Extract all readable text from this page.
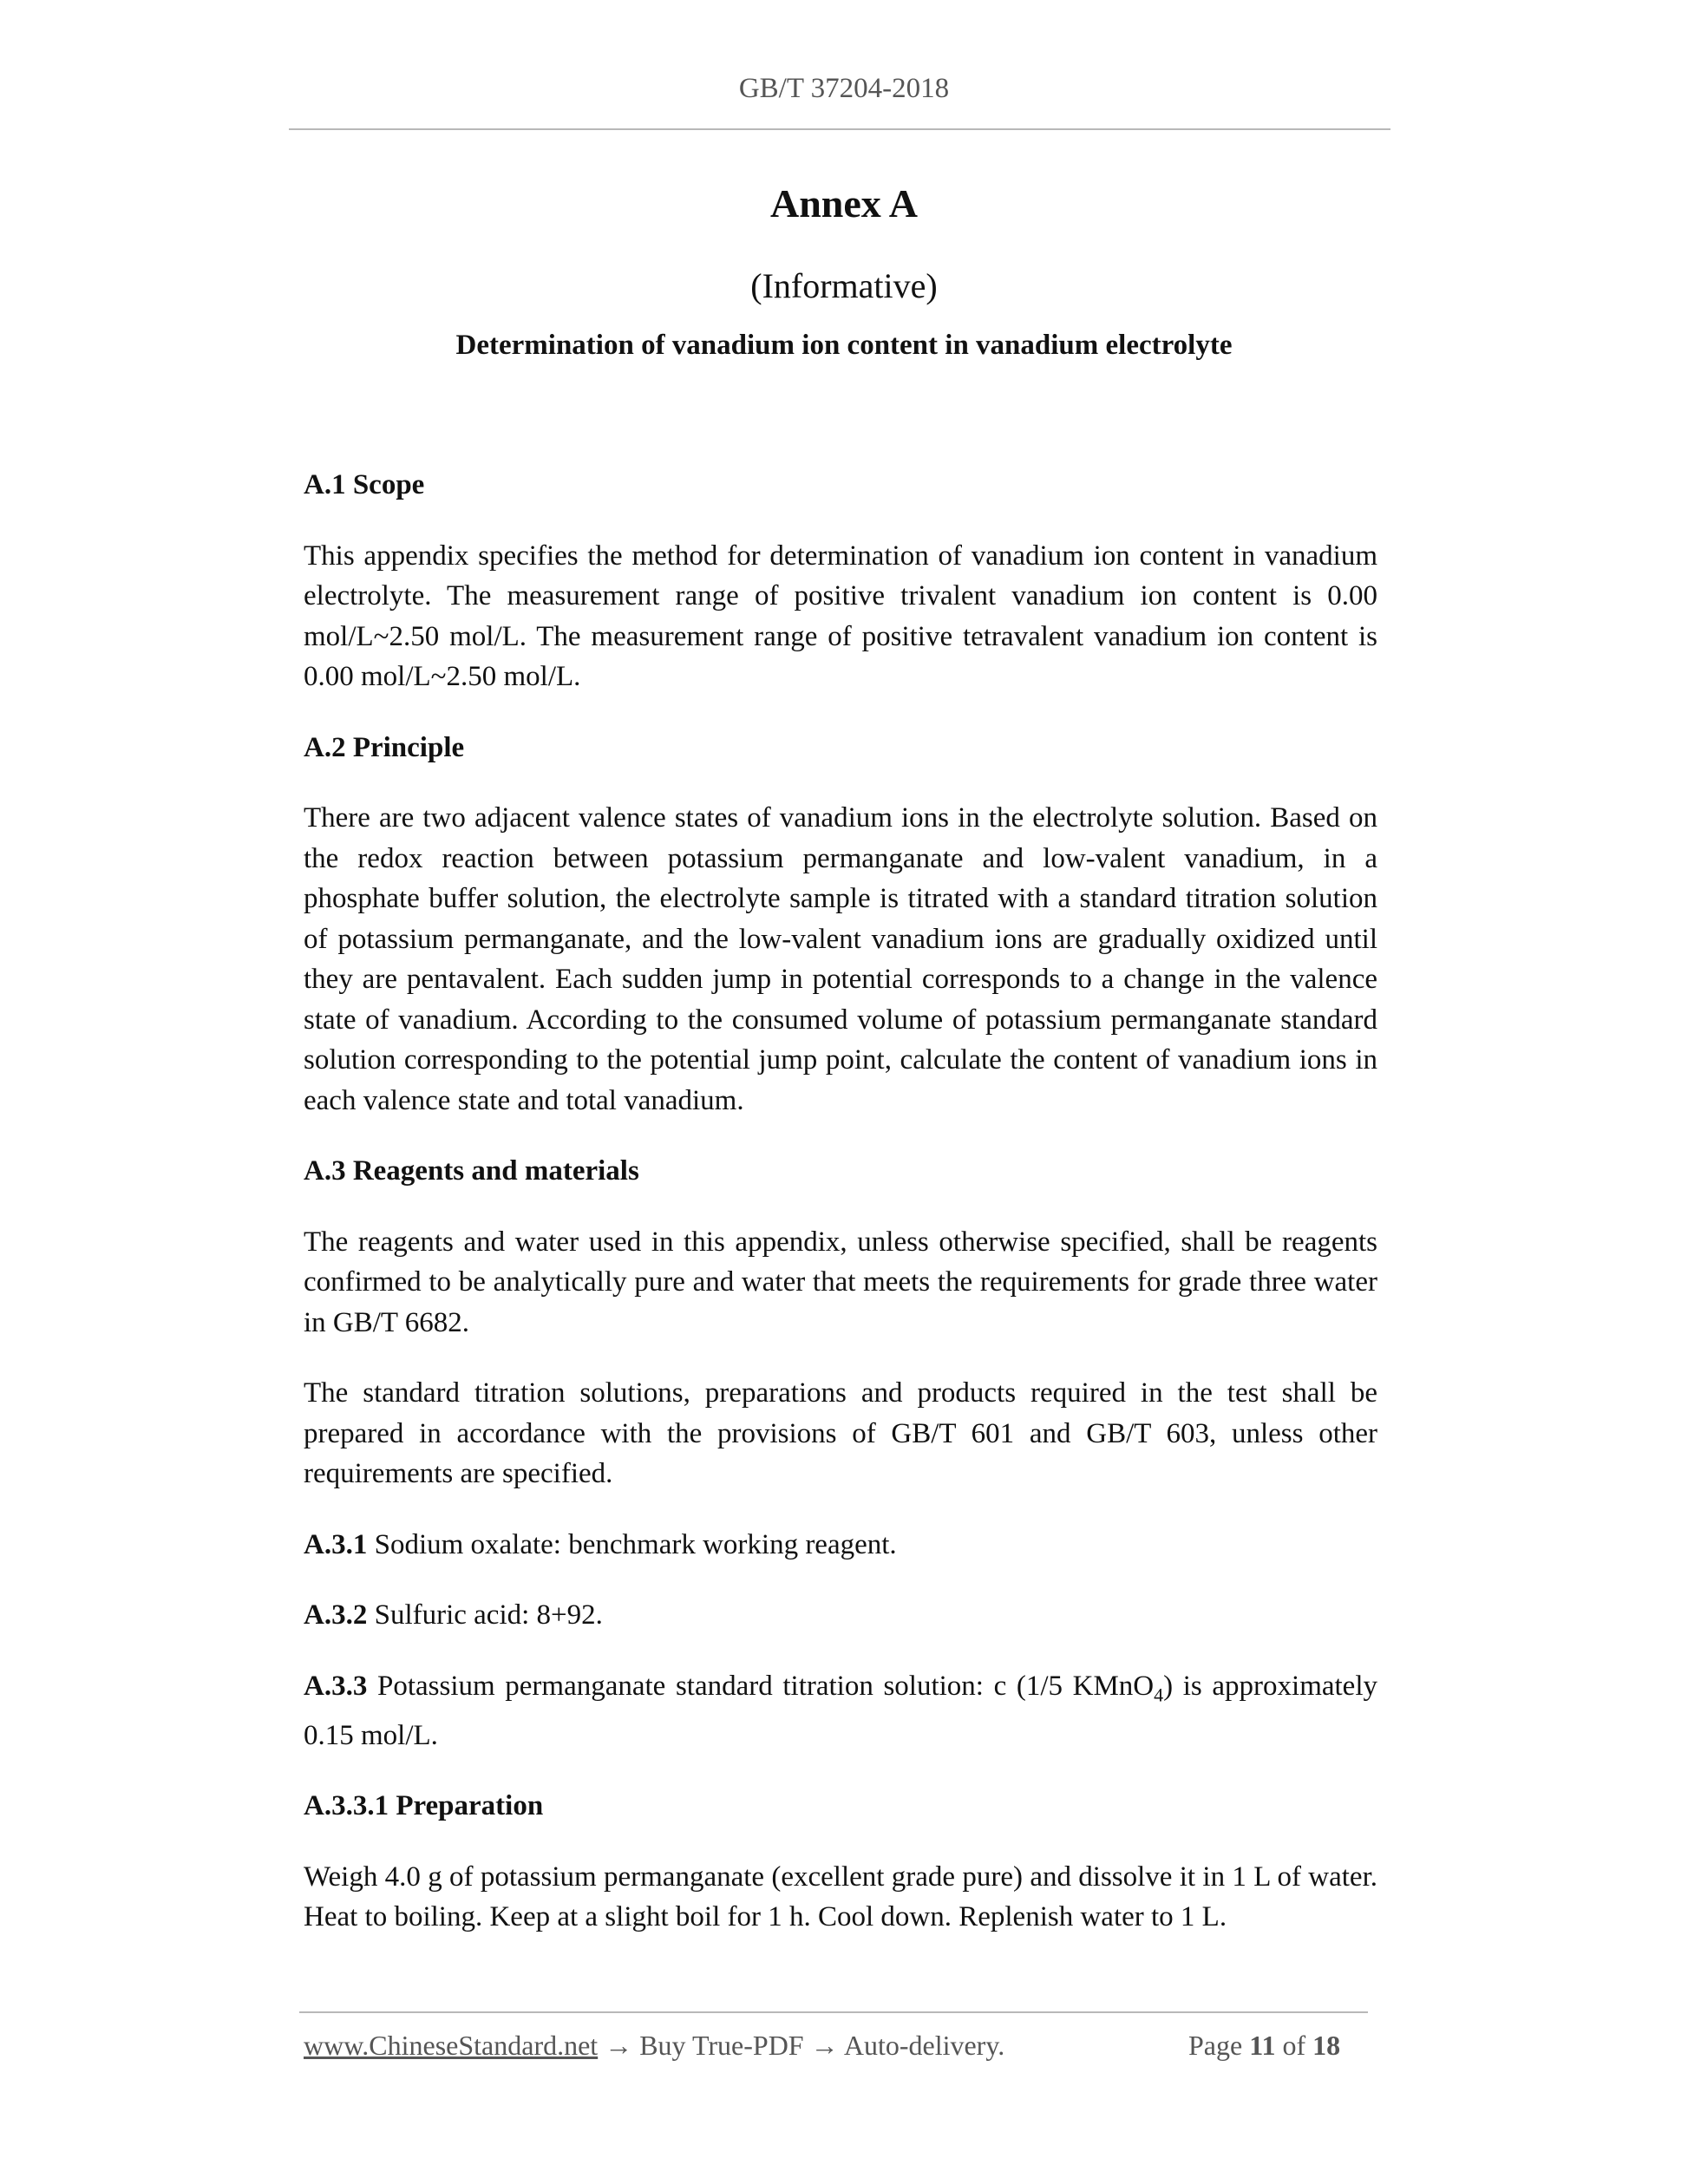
GB/T 37204-2018
Annex A
(Informative)
Determination of vanadium ion content in vanadium electrolyte
A.1 Scope

This appendix specifies the method for determination of vanadium ion content in vanadium electrolyte. The measurement range of positive trivalent vanadium ion content is 0.00 mol/L~2.50 mol/L. The measurement range of positive tetravalent vanadium ion content is 0.00 mol/L~2.50 mol/L.

A.2 Principle

There are two adjacent valence states of vanadium ions in the electrolyte solution. Based on the redox reaction between potassium permanganate and low-valent vanadium, in a phosphate buffer solution, the electrolyte sample is titrated with a standard titration solution of potassium permanganate, and the low-valent vanadium ions are gradually oxidized until they are pentavalent. Each sudden jump in potential corresponds to a change in the valence state of vanadium. According to the consumed volume of potassium permanganate standard solution corresponding to the potential jump point, calculate the content of vanadium ions in each valence state and total vanadium.

A.3 Reagents and materials

The reagents and water used in this appendix, unless otherwise specified, shall be reagents confirmed to be analytically pure and water that meets the requirements for grade three water in GB/T 6682.

The standard titration solutions, preparations and products required in the test shall be prepared in accordance with the provisions of GB/T 601 and GB/T 603, unless other requirements are specified.

A.3.1 Sodium oxalate: benchmark working reagent.

A.3.2 Sulfuric acid: 8+92.

A.3.3 Potassium permanganate standard titration solution: c (1/5 KMnO$_4$) is approximately 0.15 mol/L.

A.3.3.1 Preparation

Weigh 4.0 g of potassium permanganate (excellent grade pure) and dissolve it in 1 L of water. Heat to boiling. Keep at a slight boil for 1 h. Cool down. Replenish water to 1 L.

www.ChineseStandard.net → Buy True-PDF → Auto-delivery.	Page 11 of 18
